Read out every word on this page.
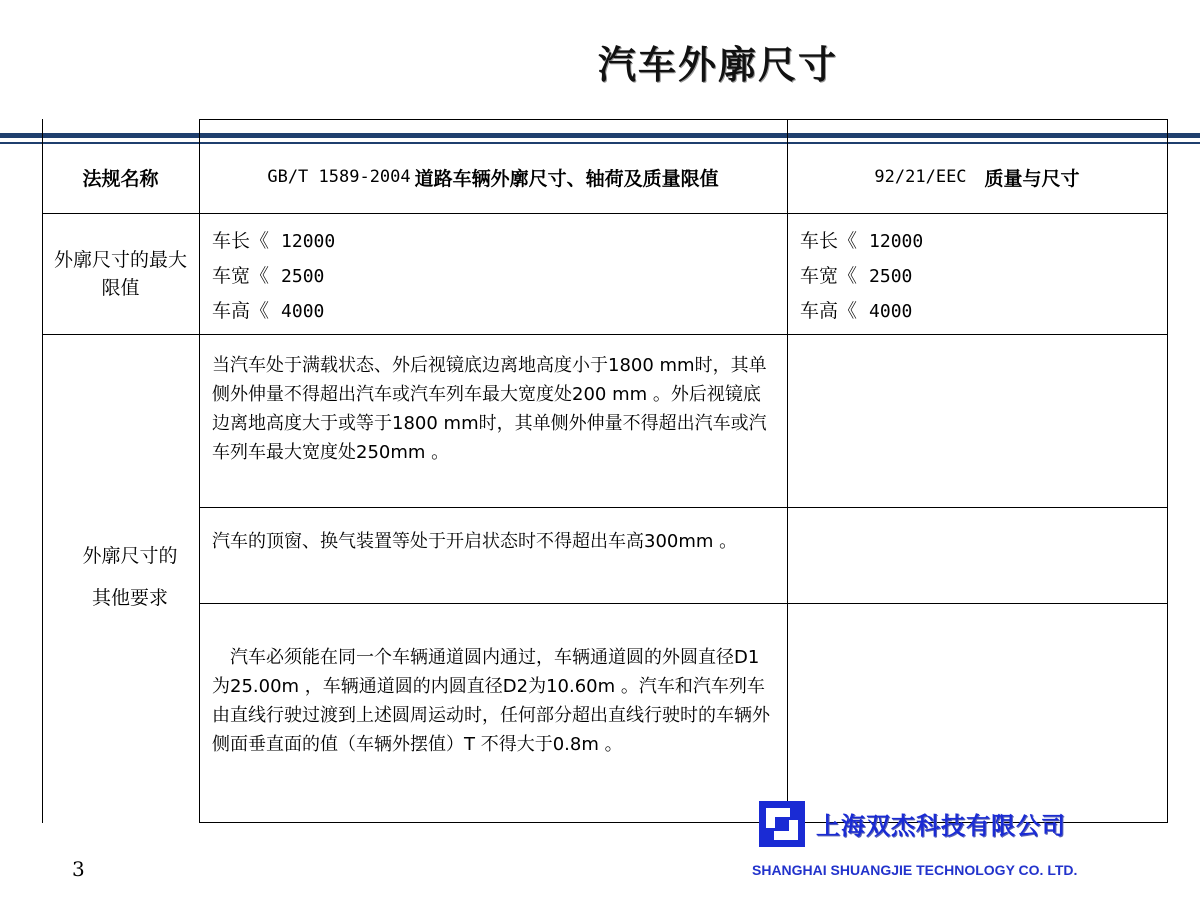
汽车外廓尺寸
法规名称	GB/T 1589-2004 道路车辆外廓尺寸、轴荷及质量限值	92/21/EEC 质量与尺寸
外廓尺寸的最大限值
车长《 12000
车宽《 2500
车高《 4000
车长《 12000
车宽《 2500
车高《 4000
外廓尺寸的其他要求
当汽车处于满载状态、外后视镜底边离地高度小于1800 mm时，其单侧外伸量不得超出汽车或汽车列车最大宽度处200 mm 。外后视镜底边离地高度大于或等于1800 mm时，其单侧外伸量不得超出汽车或汽车列车最大宽度处250mm 。
汽车的顶窗、换气装置等处于开启状态时不得超出车高300mm 。
汽车必须能在同一个车辆通道圆内通过，车辆通道圆的外圆直径D1为25.00m ，车辆通道圆的内圆直径D2为10.60m 。汽车和汽车列车由直线行驶过渡到上述圆周运动时，任何部分超出直线行驶时的车辆外侧面垂直面的值（车辆外摆值）T 不得大于0.8m 。
上海双杰科技有限公司
SHANGHAI SHUANGJIE TECHNOLOGY CO. LTD.
3
